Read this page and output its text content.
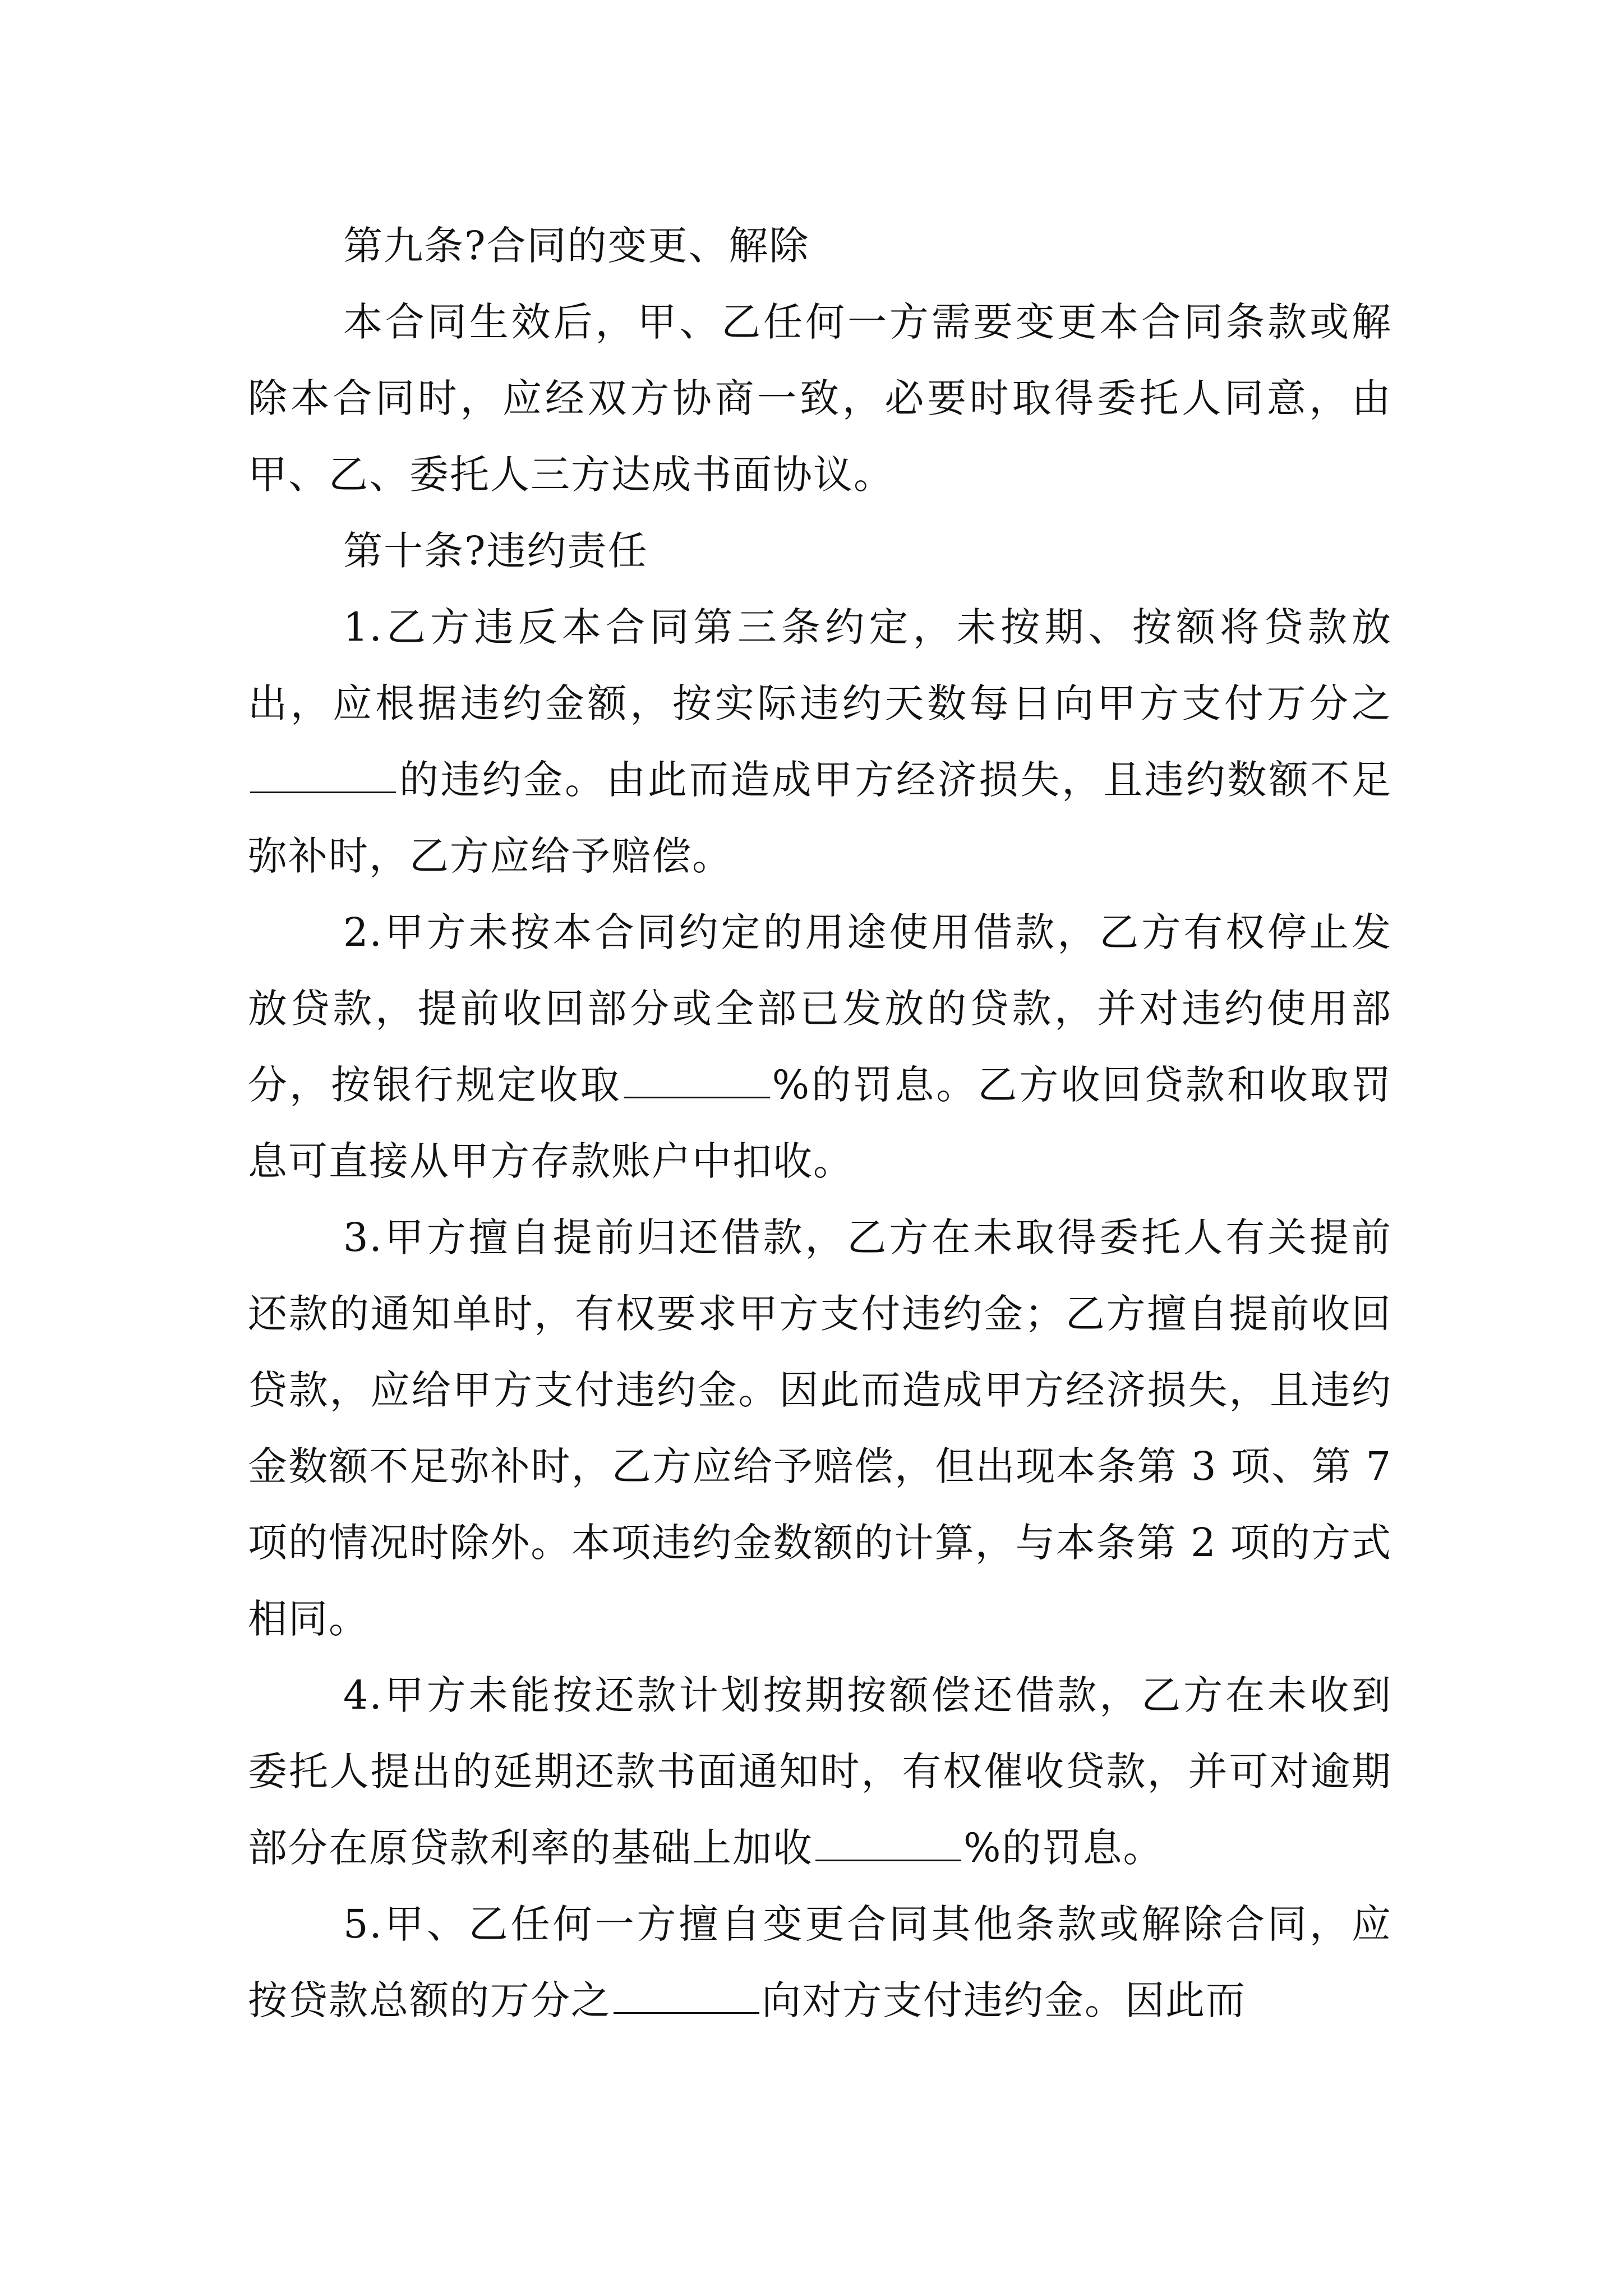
第九条?合同的变更、解除

本合同生效后，甲、乙任何一方需要变更本合同条款或解除本合同时，应经双方协商一致，必要时取得委托人同意，由甲、乙、委托人三方达成书面协议。

第十条?违约责任

1.乙方违反本合同第三条约定，未按期、按额将贷款放出，应根据违约金额，按实际违约天数每日向甲方支付万分之的违约金。由此而造成甲方经济损失，且违约数额不足弥补时，乙方应给予赔偿。

2.甲方未按本合同约定的用途使用借款，乙方有权停止发放贷款，提前收回部分或全部已发放的贷款，并对违约使用部分，按银行规定收取	%的罚息。乙方收回贷款和收取罚息可直接从甲方存款账户中扣收。

3.甲方擅自提前归还借款，乙方在未取得委托人有关提前还款的通知单时，有权要求甲方支付违约金；乙方擅自提前收回贷款，应给甲方支付违约金。因此而造成甲方经济损失，且违约金数额不足弥补时，乙方应给予赔偿，但出现本条第 3 项、第 7 项的情况时除外。本项违约金数额的计算，与本条第 2 项的方式相同。

4.甲方未能按还款计划按期按额偿还借款，乙方在未收到委托人提出的延期还款书面通知时，有权催收贷款，并可对逾期部分在原贷款利率的基础上加收	%的罚息。

5.甲、乙任何一方擅自变更合同其他条款或解除合同，应按贷款总额的万分之	向对方支付违约金。因此而
